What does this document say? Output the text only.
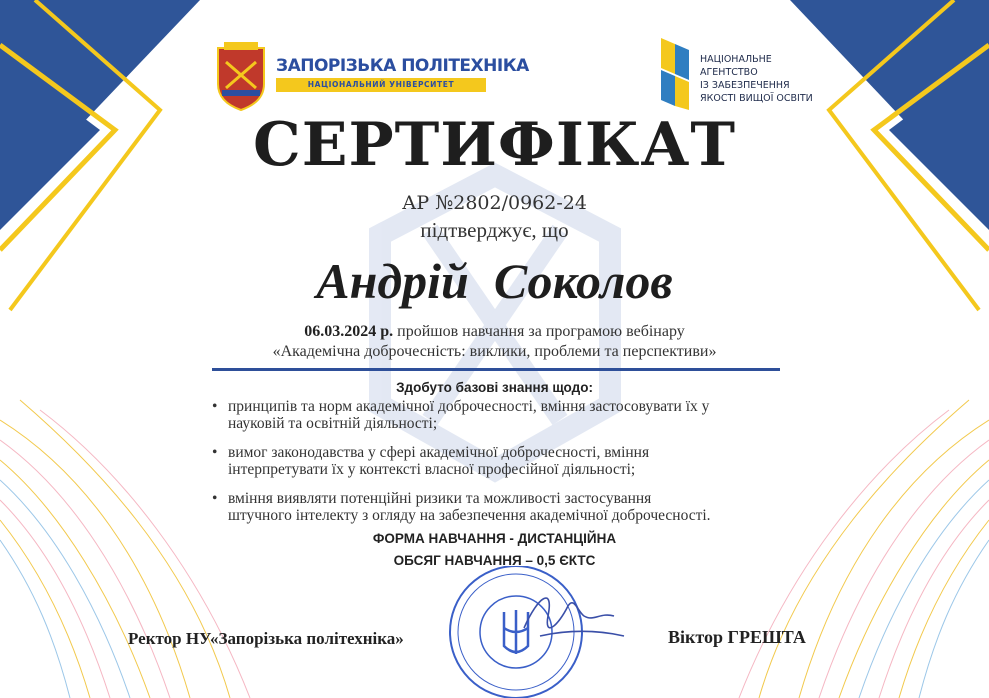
ЗАПОРІЗЬКА ПОЛІТЕХНІКА
НАЦІОНАЛЬНИЙ УНІВЕРСИТЕТ
НАЦІОНАЛЬНЕ
АГЕНТСТВО
ІЗ ЗАБЕЗПЕЧЕННЯ
ЯКОСТІ ВИЩОЇ ОСВІТИ
СЕРТИФІКАТ
АР №2802/0962-24
підтверджує, що
Андрій  Соколов
06.03.2024 р. пройшов навчання за програмою вебінару
«Академічна доброчесність: виклики, проблеми та перспективи»
Здобуто базові знання щодо:
• принципів та норм академічної доброчесності, вміння застосовувати їх у
науковій та освітній діяльності;
• вимог законодавства у сфері академічної доброчесності, вміння
інтерпретувати їх у контексті власної професійної діяльності;
• вміння виявляти потенційні ризики та можливості застосування
штучного інтелекту з огляду на забезпечення академічної доброчесності.
ФОРМА НАВЧАННЯ - ДИСТАНЦІЙНА
ОБСЯГ НАВЧАННЯ – 0,5 ЄКТС
Ректор НУ«Запорізька політехніка»	Віктор ГРЕШТА
